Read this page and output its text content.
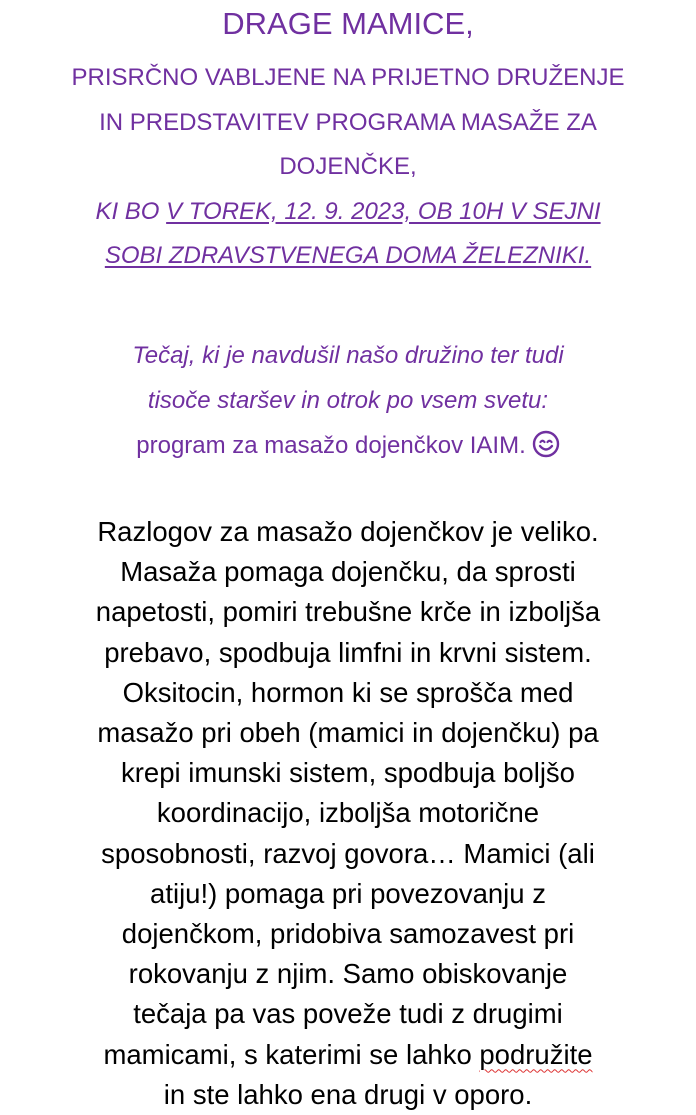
DRAGE MAMICE,
PRISRČNO VABLJENE NA PRIJETNO DRUŽENJE
IN PREDSTAVITEV PROGRAMA MASAŽE ZA
DOJENČKE,
KI BO V TOREK, 12. 9. 2023, OB 10H V SEJNI
SOBI ZDRAVSTVENEGA DOMA ŽELEZNIKI.
Tečaj, ki je navdušil našo družino ter tudi
tisoče staršev in otrok po vsem svetu:
program za masažo dojenčkov IAIM.
Razlogov za masažo dojenčkov je veliko.
Masaža pomaga dojenčku, da sprosti
napetosti, pomiri trebušne krče in izboljša
prebavo, spodbuja limfni in krvni sistem.
Oksitocin, hormon ki se sprošča med
masažo pri obeh (mamici in dojenčku) pa
krepi imunski sistem, spodbuja boljšo
koordinacijo, izboljša motorične
sposobnosti, razvoj govora… Mamici (ali
atiju!) pomaga pri povezovanju z
dojenčkom, pridobiva samozavest pri
rokovanju z njim. Samo obiskovanje
tečaja pa vas poveže tudi z drugimi
mamicami, s katerimi se lahko podružite
in ste lahko ena drugi v oporo.
